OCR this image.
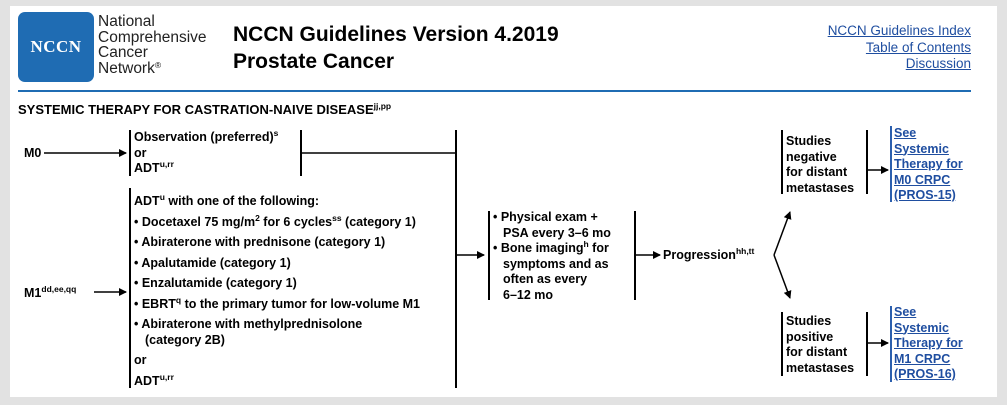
NCCN
National
Comprehensive
Cancer
Network®
NCCN Guidelines Version 4.2019
Prostate Cancer
NCCN Guidelines Index
Table of Contents
Discussion
SYSTEMIC THERAPY FOR CASTRATION-NAIVE $DISEASE^{jj,pp}$
M0
Observation (preferred)$^s$
or
$ADT^{u,rr}$
$M1^{dd,ee,qq}$
ADT$^u$ with one of the following:
• Docetaxel 75 $mg/m^2$ for 6 cycles$^{ss}$ (category 1)
• Abiraterone with prednisone (category 1)
• Apalutamide (category 1)
• Enzalutamide (category 1)
• EBRT$^q$ to the primary tumor for low-volume M1
• Abiraterone with methylprednisolone
(category 2B)
or
$ADT^{u,rr}$
• Physical exam +
PSA every 3–6 mo
• Bone imaging$^h$ for
symptoms and as
often as every
6–12 mo
Progression$^{hh,tt}$
Studies
negative
for distant
metastases
Studies
positive
for distant
metastases
See
Systemic
Therapy for
M0 CRPC
(PROS-15)
See
Systemic
Therapy for
M1 CRPC
(PROS-16)
